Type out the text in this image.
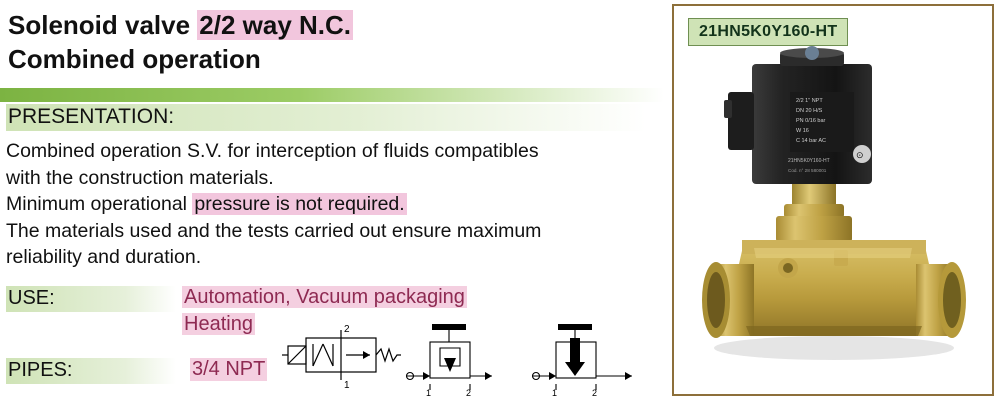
Solenoid valve 2/2 way N.C.
Combined operation
PRESENTATION:

Combined operation S.V. for interception of fluids compatibles

with the construction materials.

Minimum operational pressure is not required.

The materials used and the tests carried out ensure maximum

reliability and duration.

USE:	Automation, Vacuum packaging
Heating
PIPES:	3/4 NPT
2
1
1	2	1	2
21HN5K0Y160-HT
2/2 1" NPT
DN 20 H/S
PN 0/16 bar
W 16
C 14 bar AC
21HN5K0Y160-HT
Cod. n° 28 580001
⊙
